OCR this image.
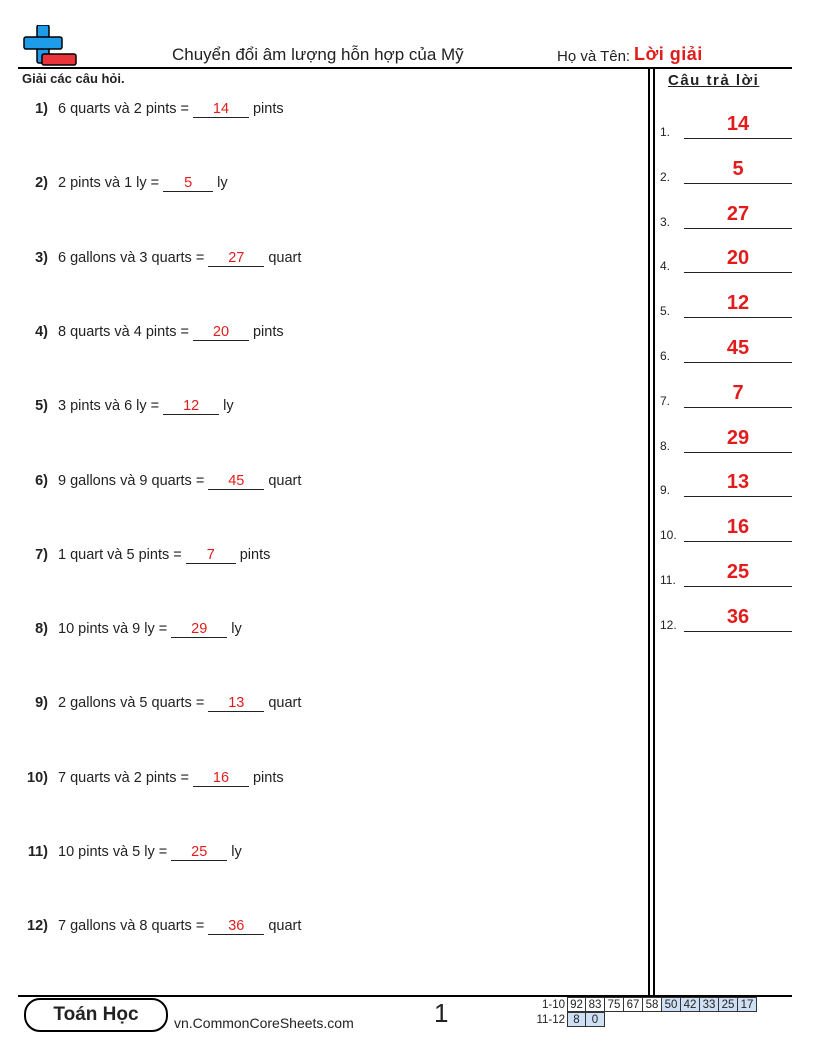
Chuyển đổi âm lượng hỗn hợp của Mỹ	Họ và Tên: Lời giải
Giải các câu hỏi.	Câu trả lời
1) 6 quarts và 2 pints =	14	pints
2) 2 pints và 1 ly =	5	ly
3) 6 gallons và 3 quarts =	27	quart
4) 8 quarts và 4 pints =	20	pints
5) 3 pints và 6 ly =	12	ly
6) 9 gallons và 9 quarts =	45	quart
7) 1 quart và 5 pints =	7	pints
8) 10 pints và 9 ly =	29	ly
9) 2 gallons và 5 quarts =	13	quart
10) 7 quarts và 2 pints =	16	pints
11) 10 pints và 5 ly =	25	ly
12) 7 gallons và 8 quarts =	36	quart
1.	14
2.	5
3.	27
4.	20
5.	12
6.	45
7.	7
8.	29
9.	13
10.	16
11.	25
12.	36
Toán Học	vn.CommonCoreSheets.com	1	1-10 92 83 75 67 58 50 42 33 25 17
11-12 8	0
